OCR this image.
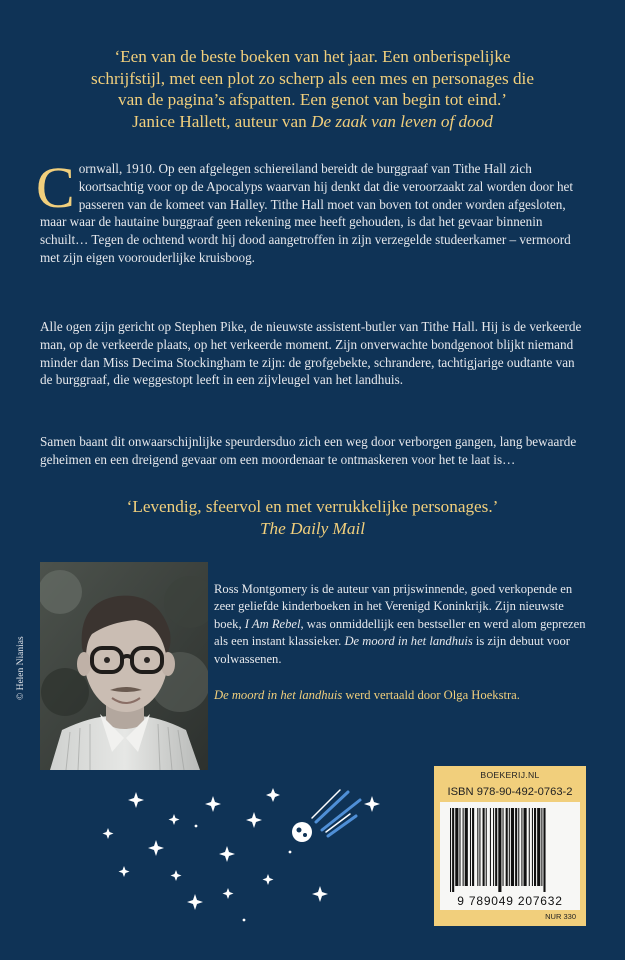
‘Een van de beste boeken van het jaar. Een onberispelijke
schrijfstijl, met een plot zo scherp als een mes en personages die
van de pagina’s afspatten. Een genot van begin tot eind.’
Janice Hallett, auteur van De zaak van leven of dood
Cornwall, 1910. Op een afgelegen schiereiland bereidt de burggraaf van Tithe Hall zich koortsachtig voor op de Apocalyps waarvan hij denkt dat die veroorzaakt zal worden door het passeren van de komeet van Halley. Tithe Hall moet van boven tot onder worden afgesloten, maar waar de hautaine burggraaf geen rekening mee heeft gehouden, is dat het gevaar binnenin schuilt… Tegen de ochtend wordt hij dood aangetroffen in zijn verzegelde studeerkamer – vermoord met zijn eigen voorouderlijke kruisboog.
Alle ogen zijn gericht op Stephen Pike, de nieuwste assistent-butler van Tithe Hall. Hij is de verkeerde man, op de verkeerde plaats, op het verkeerde moment. Zijn onverwachte bondgenoot blijkt niemand minder dan Miss Decima Stockingham te zijn: de grofgebekte, schrandere, tachtigjarige oudtante van de burggraaf, die weggestopt leeft in een zijvleugel van het landhuis.
Samen baant dit onwaarschijnlijke speurdersduo zich een weg door verborgen gangen, lang bewaarde geheimen en een dreigend gevaar om een moordenaar te ontmaskeren voor het te laat is…
‘Levendig, sfeervol en met verrukkelijke personages.’
The Daily Mail
© Helen Nianias

Ross Montgomery is de auteur van prijswinnende, goed verkopende en zeer geliefde kinderboeken in het Verenigd Koninkrijk. Zijn nieuwste boek, I Am Rebel, was onmiddellijk een bestseller en werd alom geprezen als een instant klassieker. De moord in het landhuis is zijn debuut voor volwassenen.

De moord in het landhuis werd vertaald door Olga Hoekstra.

BOEKERIJ.NL
ISBN 978-90-492-0763-2
9 789049 207632
NUR 330
